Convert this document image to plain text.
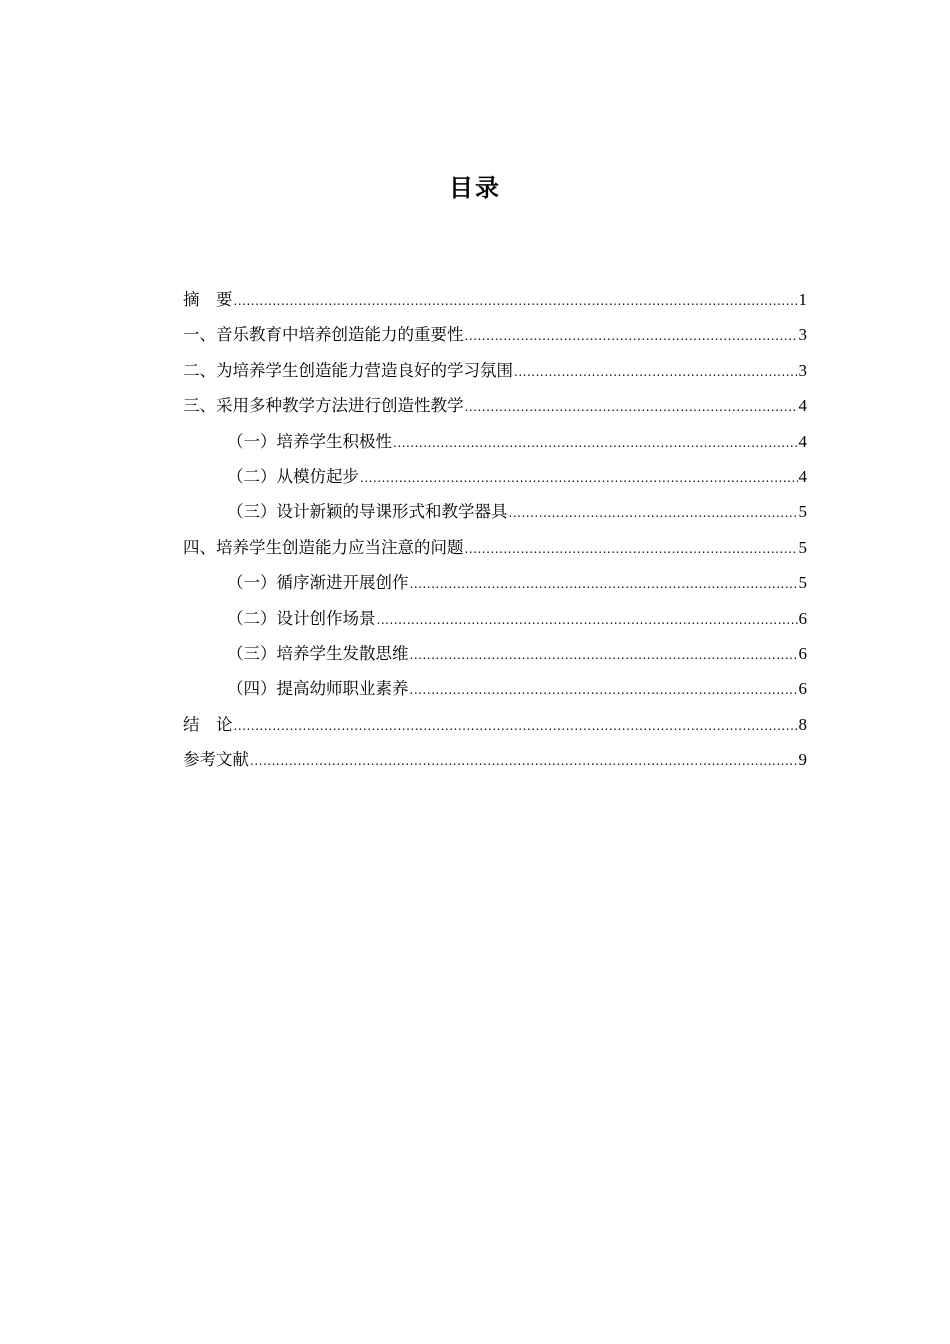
目录
摘　要 .....	1
一、音乐教育中培养创造能力的重要性 .....	3
二、为培养学生创造能力营造良好的学习氛围 .....	3
三、采用多种教学方法进行创造性教学 .....	4
（一）培养学生积极性 .....	4
（二）从模仿起步 .....	4
（三）设计新颖的导课形式和教学器具 .....	5
四、培养学生创造能力应当注意的问题 .....	5
（一）循序渐进开展创作 .....	5
（二）设计创作场景 .....	6
（三）培养学生发散思维 .....	6
（四）提高幼师职业素养 .....	6
结　论 .....	8
参考文献 .....	9
